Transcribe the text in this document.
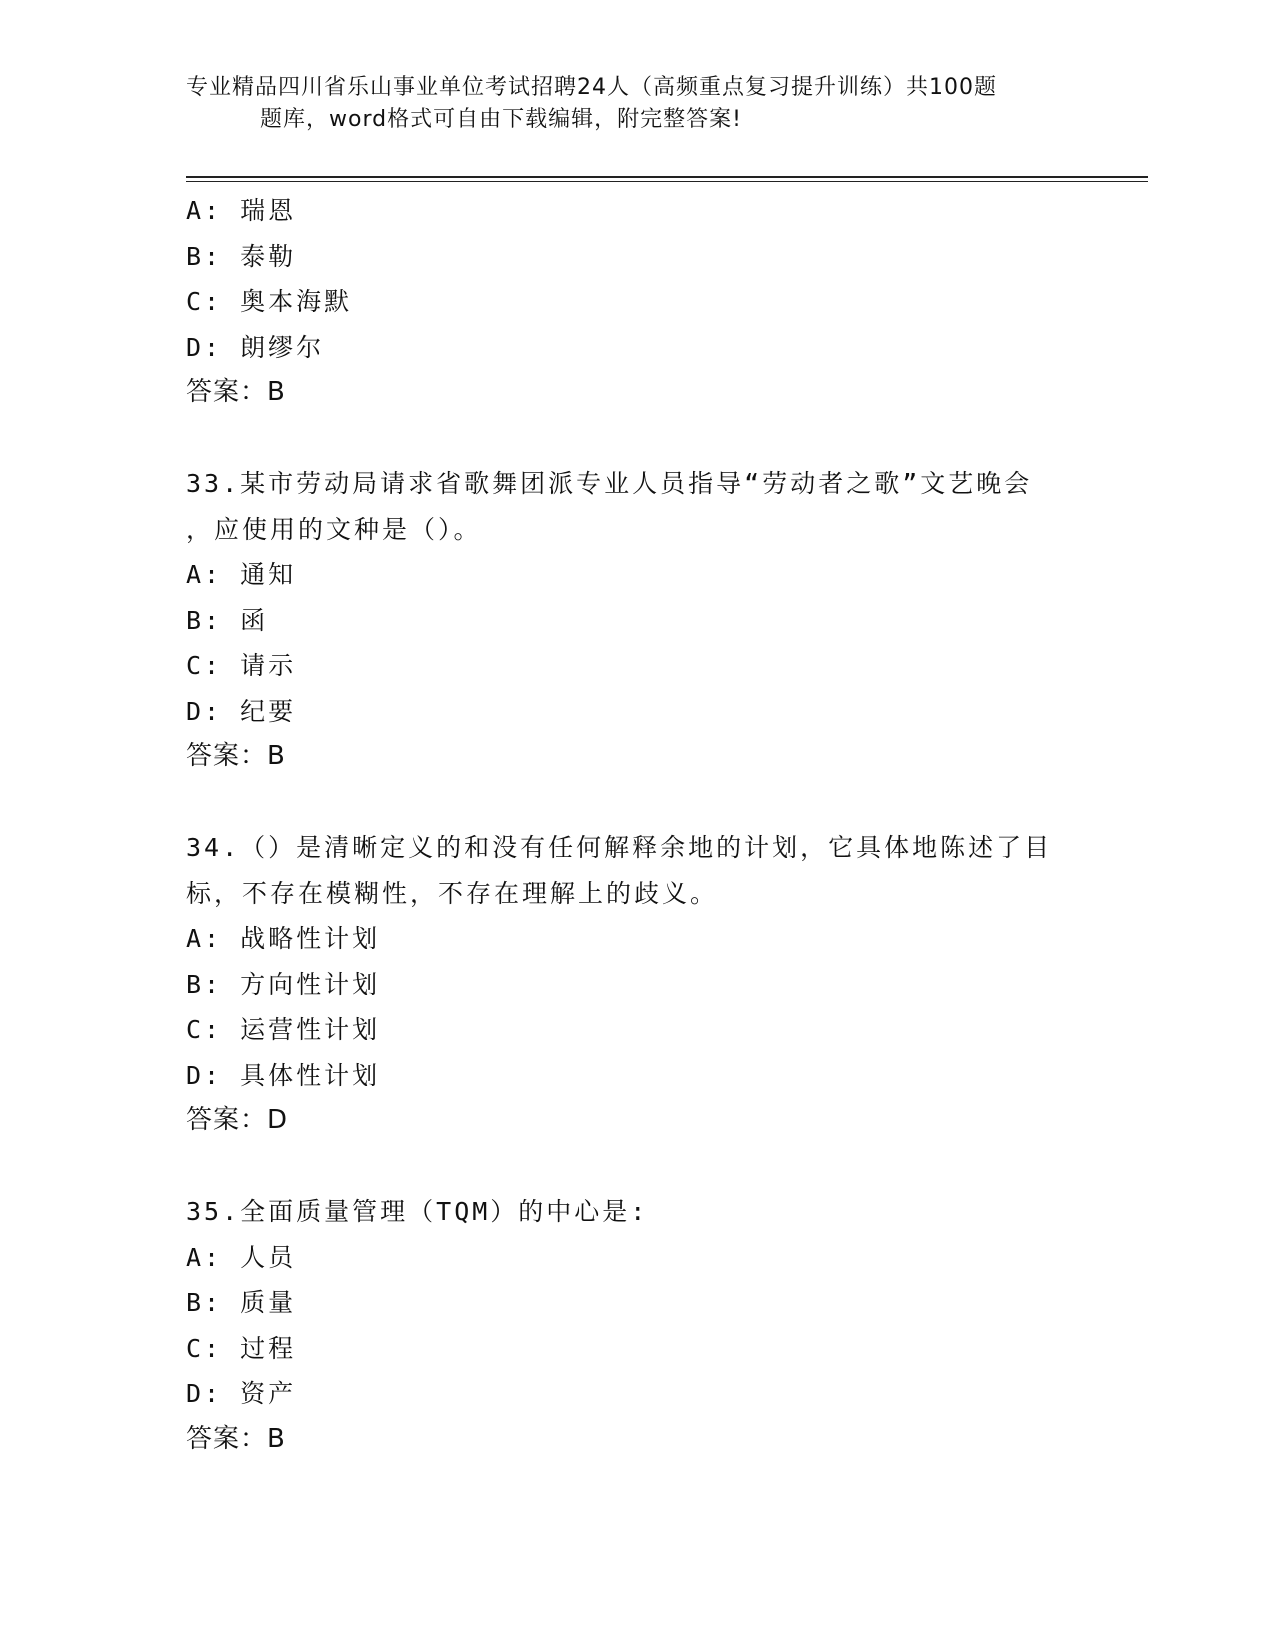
专业精品四川省乐山事业单位考试招聘24人（高频重点复习提升训练）共100题
题库，word格式可自由下载编辑，附完整答案!
A: 瑞恩
B: 泰勒
C: 奥本海默
D: 朗缪尔
答案：B
33.某市劳动局请求省歌舞团派专业人员指导“劳动者之歌”文艺晚会
，应使用的文种是（）。
A: 通知
B: 函
C: 请示
D: 纪要
答案：B
34.（）是清晰定义的和没有任何解释余地的计划，它具体地陈述了目
标，不存在模糊性，不存在理解上的歧义。
A: 战略性计划
B: 方向性计划
C: 运营性计划
D: 具体性计划
答案：D
35.全面质量管理（TQM）的中心是:
A: 人员
B: 质量
C: 过程
D: 资产
答案：B
